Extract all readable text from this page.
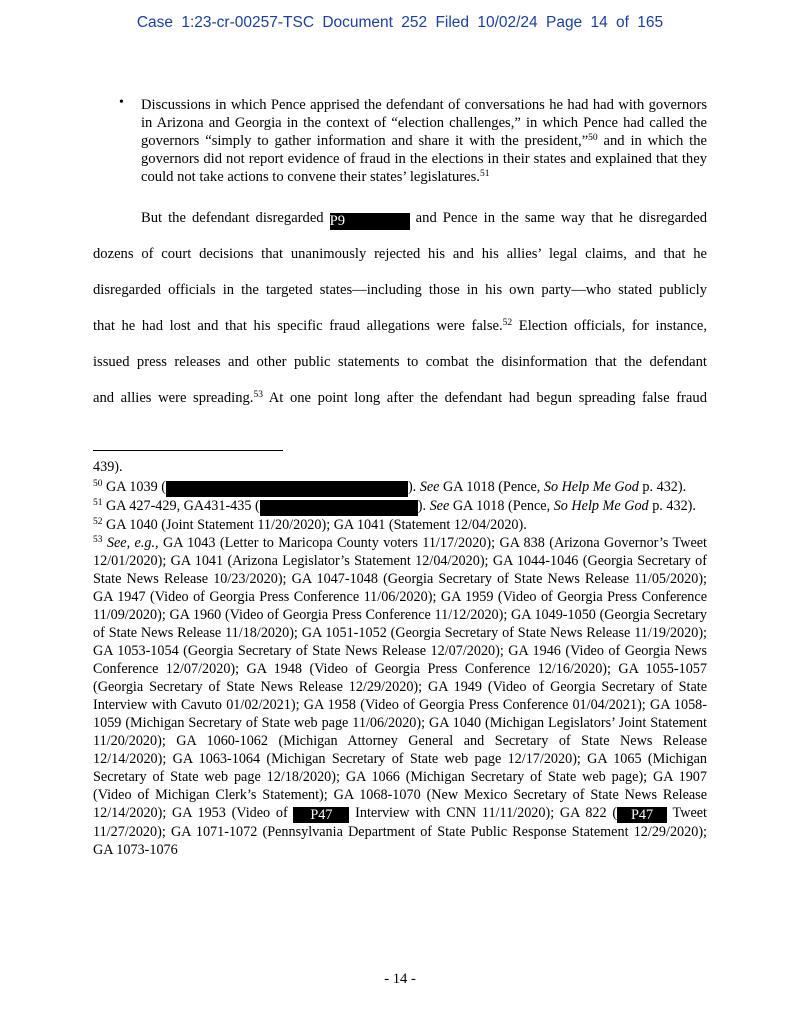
Case 1:23-cr-00257-TSC Document 252 Filed 10/02/24 Page 14 of 165
• Discussions in which Pence apprised the defendant of conversations he had had with governors in Arizona and Georgia in the context of “election challenges,” in which Pence had called the governors “simply to gather information and share it with the president,”$^{50}$ and in which the governors did not report evidence of fraud in the elections in their states and explained that they could not take actions to convene their states’ legislatures.$^{51}$
But the defendant disregarded P9	and Pence in the same way that he disregarded
dozens of court decisions that unanimously rejected his and his allies’ legal claims, and that he
disregarded officials in the targeted states—including those in his own party—who stated publicly
that he had lost and that his specific fraud allegations were false.$^{52}$ Election officials, for instance,
issued press releases and other public statements to combat the disinformation that the defendant
and allies were spreading.$^{53}$ At one point long after the defendant had begun spreading false fraud

439).

$^{50}$ GA 1039 (	). See GA 1018 (Pence, So Help Me God p. 432).

$^{51}$ GA 427-429, GA431-435 (	). See GA 1018 (Pence, So Help Me God p. 432).

$^{52}$ GA 1040 (Joint Statement 11/20/2020); GA 1041 (Statement 12/04/2020).

$^{53}$ See, e.g., GA 1043 (Letter to Maricopa County voters 11/17/2020); GA 838 (Arizona Governor’s Tweet 12/01/2020); GA 1041 (Arizona Legislator’s Statement 12/04/2020); GA 1044-1046 (Georgia Secretary of State News Release 10/23/2020); GA 1047-1048 (Georgia Secretary of State News Release 11/05/2020); GA 1947 (Video of Georgia Press Conference 11/06/2020); GA 1959 (Video of Georgia Press Conference 11/09/2020); GA 1960 (Video of Georgia Press Conference 11/12/2020); GA 1049-1050 (Georgia Secretary of State News Release 11/18/2020); GA 1051-1052 (Georgia Secretary of State News Release 11/19/2020); GA 1053-1054 (Georgia Secretary of State News Release 12/07/2020); GA 1946 (Video of Georgia News Conference 12/07/2020); GA 1948 (Video of Georgia Press Conference 12/16/2020); GA 1055-1057 (Georgia Secretary of State News Release 12/29/2020); GA 1949 (Video of Georgia Secretary of State Interview with Cavuto 01/02/2021); GA 1958 (Video of Georgia Press Conference 01/04/2021); GA 1058-1059 (Michigan Secretary of State web page 11/06/2020); GA 1040 (Michigan Legislators’ Joint Statement 11/20/2020); GA 1060-1062 (Michigan Attorney General and Secretary of State News Release 12/14/2020); GA 1063-1064 (Michigan Secretary of State web page 12/17/2020); GA 1065 (Michigan Secretary of State web page 12/18/2020); GA 1066 (Michigan Secretary of State web page); GA 1907 (Video of Michigan Clerk’s Statement); GA 1068-1070 (New Mexico Secretary of State News Release 12/14/2020); GA 1953 (Video of P47 Interview with CNN 11/11/2020); GA 822 ( P47 Tweet 11/27/2020); GA 1071-1072 (Pennsylvania Department of State Public Response Statement 12/29/2020); GA 1073-1076

- 14 -
